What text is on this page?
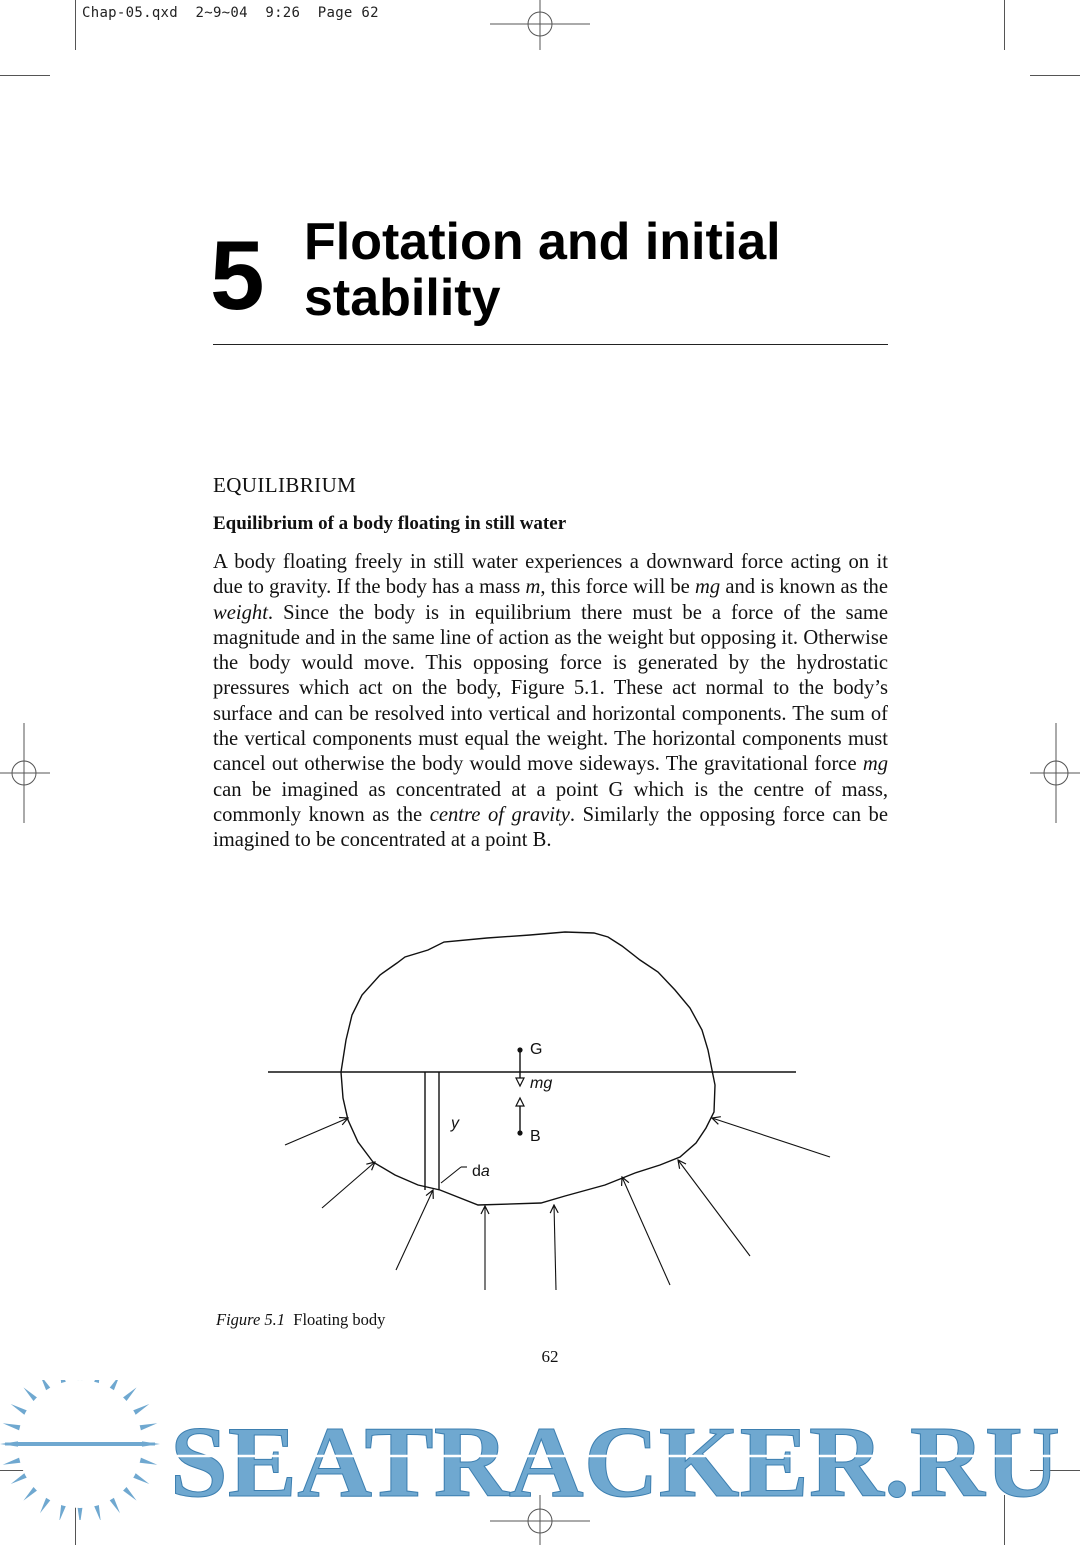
Chap-05.qxd 2~9~04 9:26 Page 62
5 Flotation and initial
stability
EQUILIBRIUM
Equilibrium of a body floating in still water

A body floating freely in still water experiences a downward force acting on it due to gravity. If the body has a mass m, this force will be mg and is known as the weight. Since the body is in equilibrium there must be a force of the same magnitude and in the same line of action as the weight but opposing it. Otherwise the body would move. This opposing force is generated by the hydrostatic pressures which act on the body, Figure 5.1. These act normal to the body’s surface and can be resolved into vertical and horizontal components. The sum of the vertical components must equal the weight. The horizontal components must cancel out otherwise the body would move sideways. The gravitational force mg can be imagined as concentrated at a point G which is the centre of mass, commonly known as the centre of gravity. Similarly the opposing force can be imagined to be concentrated at a point B.

G
mg
B
y
da
Figure 5.1 Floating body
62
SEATRACKER.RU
